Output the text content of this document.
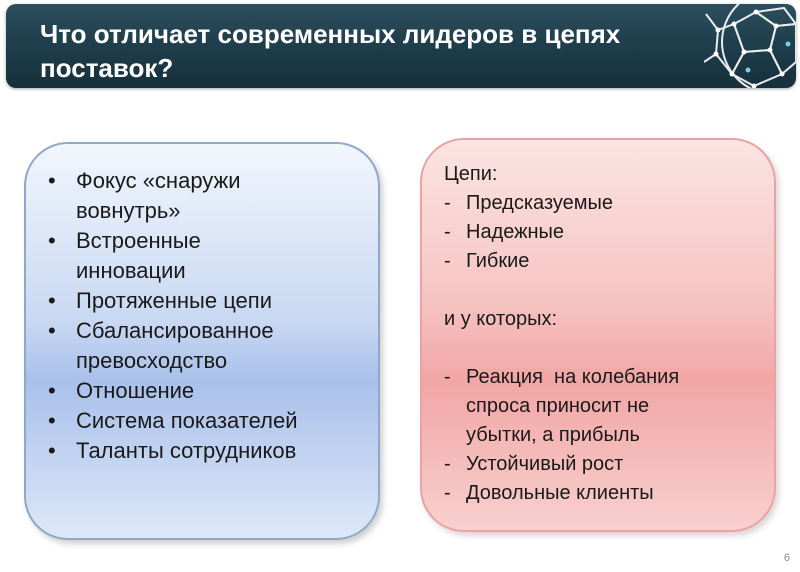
Что отличает современных лидеров в цепях
поставок?
• Фокус «снаружи
вовнутрь»
• Встроенные
инновации
• Протяженные цепи
• Сбалансированное
превосходство
• Отношение
• Система показателей
• Таланты сотрудников
Цепи:
- Предсказуемые
- Надежные
- Гибкие
и у которых:
- Реакция  на колебания
спроса приносит не
убытки, а прибыль
- Устойчивый рост
- Довольные клиенты
6
